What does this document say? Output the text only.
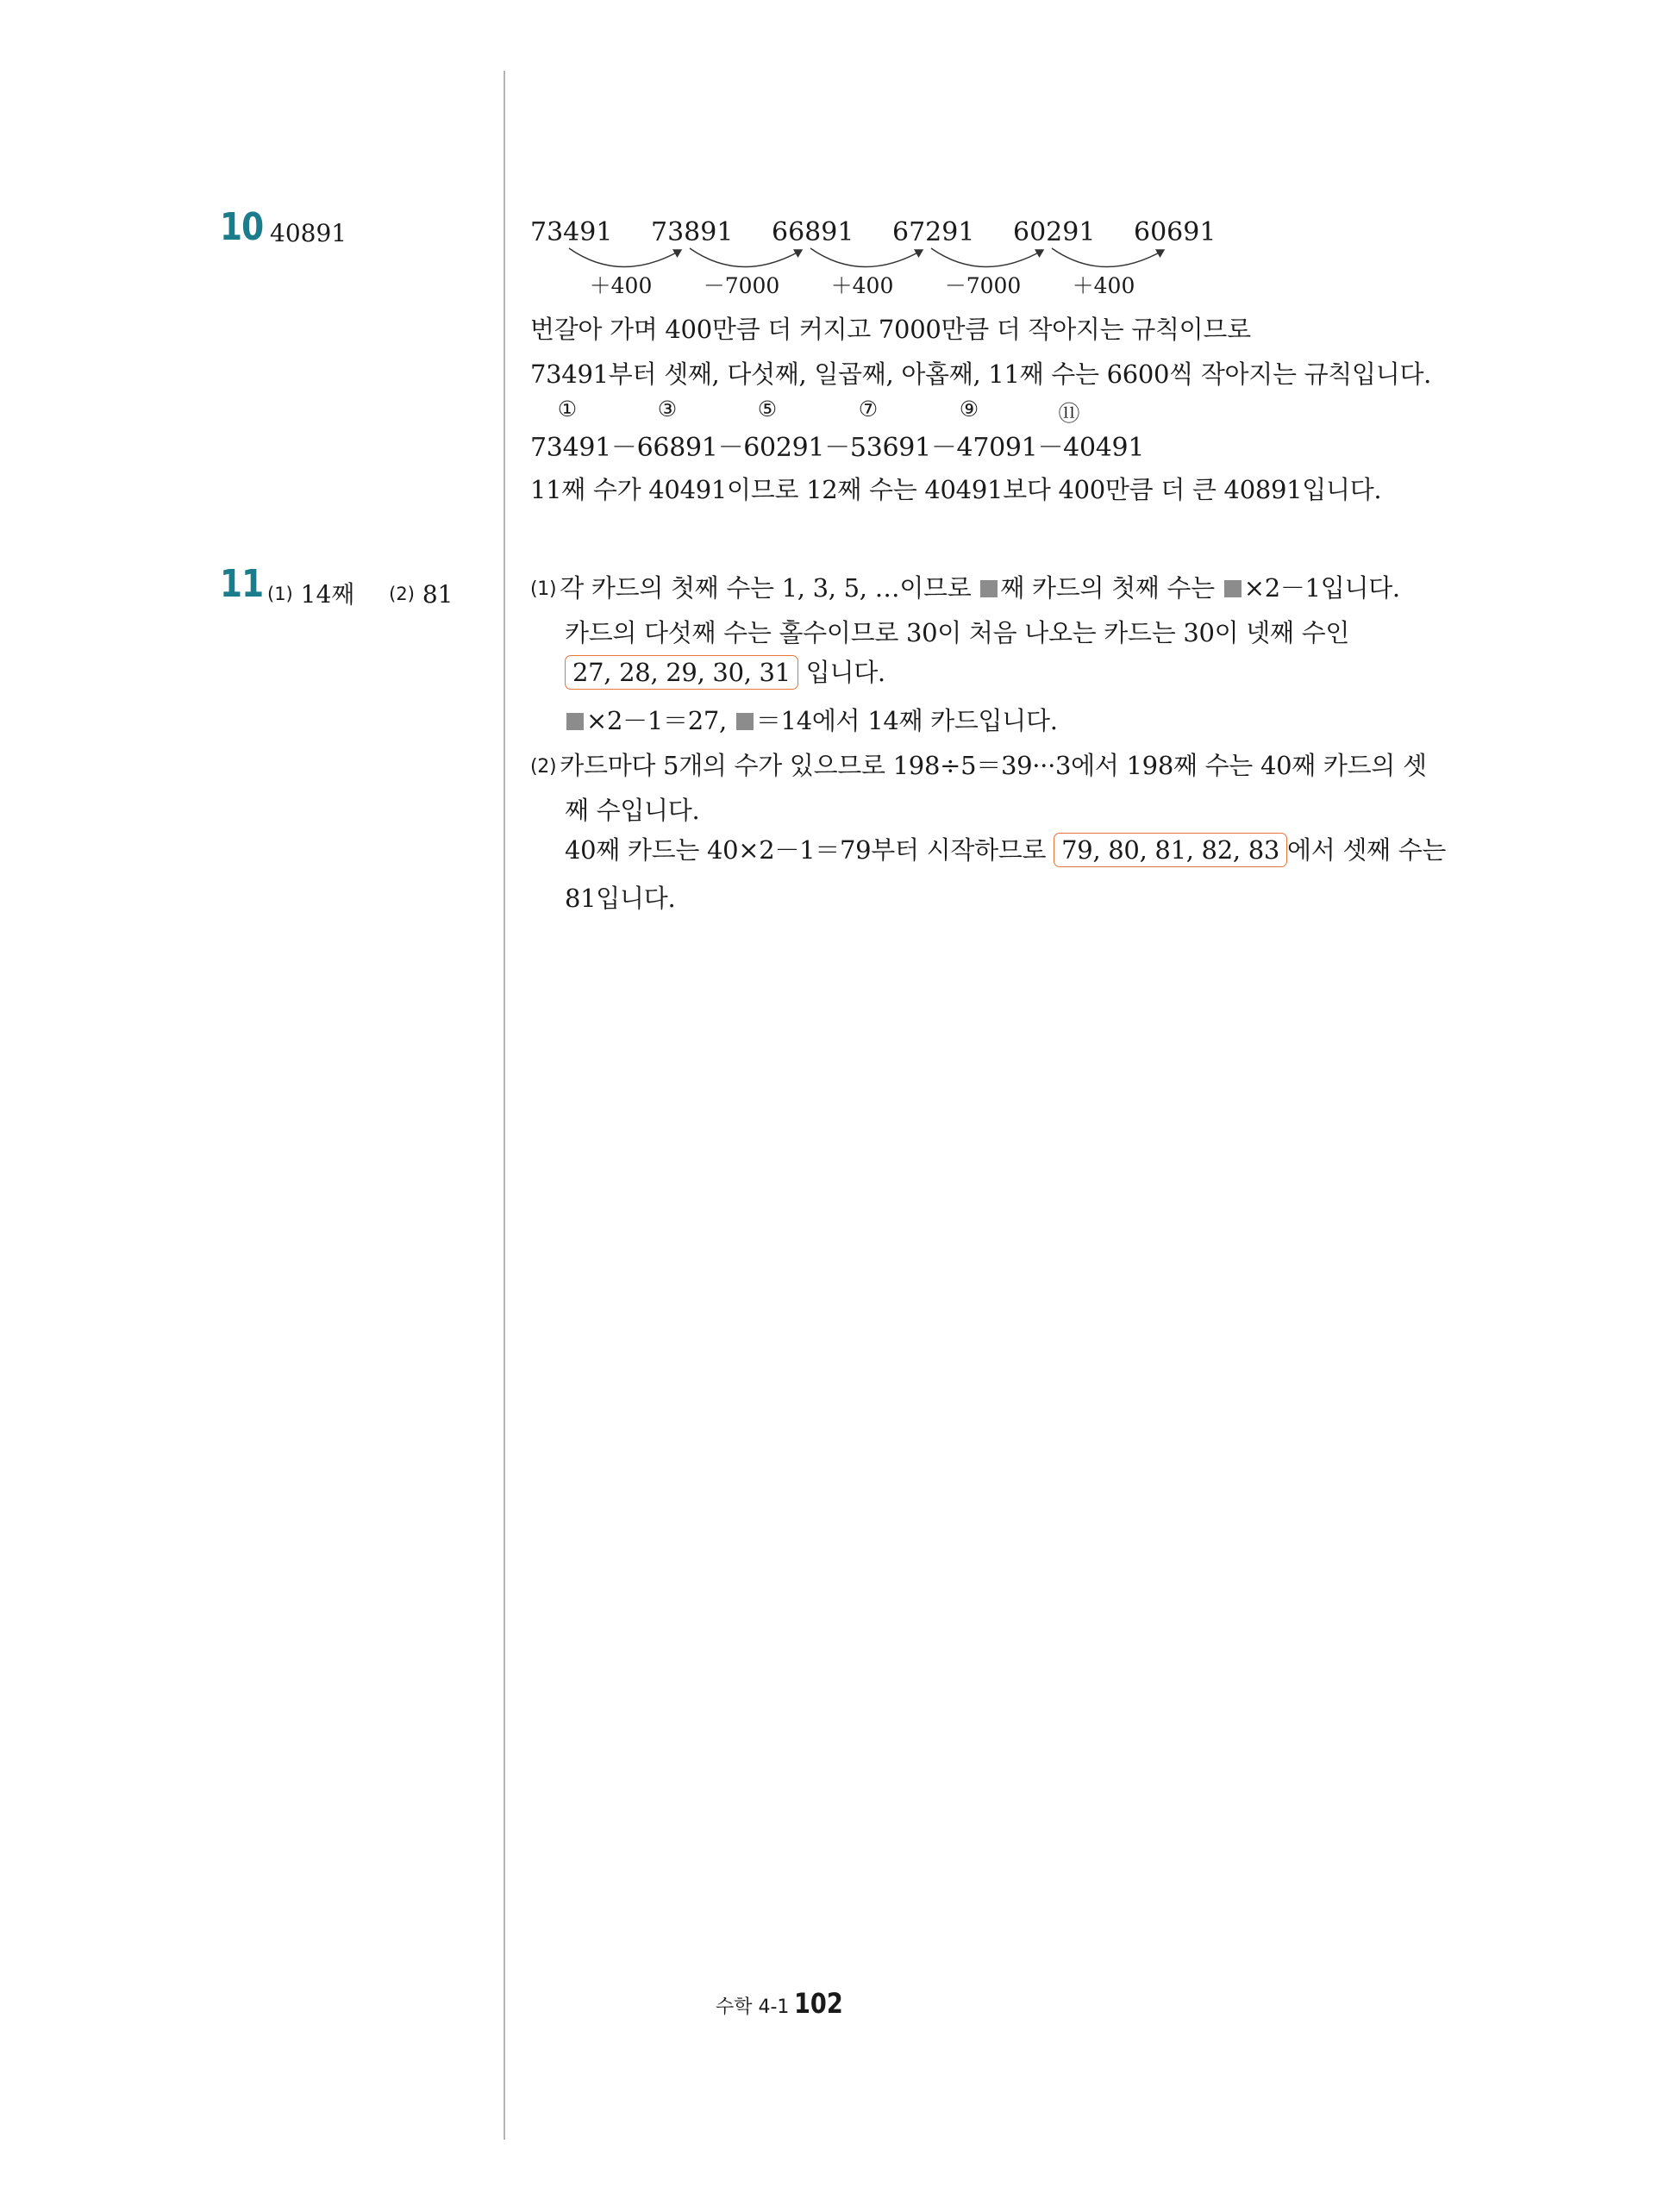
10 40891	73491 73891 66891 67291 60291 60691
＋400 －7000 ＋400 －7000 ＋400
번갈아 가며 400만큼 더 커지고 7000만큼 더 작아지는 규칙이므로
73491부터 셋째, 다섯째, 일곱째, 아홉째, 11째 수는 6600씩 작아지는 규칙입니다.
①	③	⑤	⑦	⑨	⑪
73491－66891－60291－53691－47091－40491
11째 수가 40491이므로 12째 수는 40491보다 400만큼 더 큰 40891입니다.
11 (1) 14째 (2) 81	(1) 각 카드의 첫째 수는 1, 3, 5, …이므로 째 카드의 첫째 수는 ×2－1입니다.
카드의 다섯째 수는 홀수이므로 30이 처음 나오는 카드는 30이 넷째 수인
27, 28, 29, 30, 31 입니다.
×2－1＝27, ＝14에서 14째 카드입니다.
(2) 카드마다 5개의 수가 있으므로 198÷5＝39···3에서 198째 수는 40째 카드의 셋
째 수입니다.
40째 카드는 40×2－1＝79부터 시작하므로 79, 80, 81, 82, 83 에서 셋째 수는
81입니다.
수학 4-1 102
